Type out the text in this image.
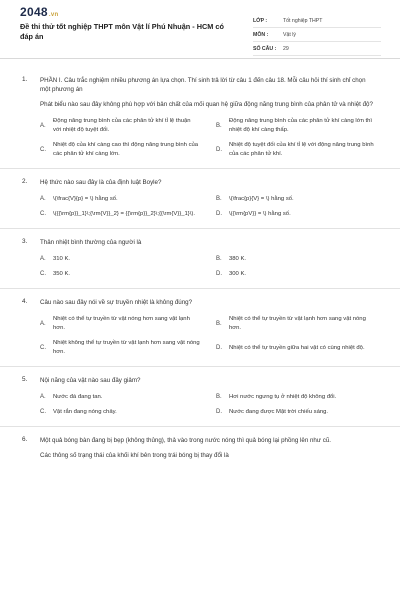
2048.vn
Đề thi thử tốt nghiệp THPT môn Vật lí Phú Nhuận - HCM có đáp án
LỚP :	Tốt nghiệp THPT
MÔN :	Vật lý
SỐ CÂU :	29
1. PHẦN I. Câu trắc nghiệm nhiều phương án lựa chọn. Thí sinh trả lời từ câu 1 đến câu 18. Mỗi câu hỏi thí sinh chỉ chọn một phương án

Phát biểu nào sau đây không phù hợp với bản chất của mối quan hệ giữa động năng trung bình của phân tử và nhiệt độ?

A.
Động năng trung bình của các phân tử khí tỉ lệ thuận với nhiệt độ tuyệt đối.
B.
Động năng trung bình của các phân tử khí càng lớn thì nhiệt độ khí càng thấp.
C.
Nhiệt độ của khí càng cao thì động năng trung bình của các phân tử khí càng lớn.
D.
Nhiệt độ tuyệt đối của khí tỉ lệ với động năng trung bình của các phân tử khí.
2. Hệ thức nào sau đây là của định luật Boyle?

A.	\(\frac{V}{p} = \) hằng số.	B.	\(\frac{p}{V} = \) hằng số.
C.	\({{\rm{p}}_1}\;{\rm{V}}_2} = {{\rm{p}}_2}\;{{\rm{V}}_1}\).	D.	\({\rm{pV}} = \) hằng số.
3. Thân nhiệt bình thường của người là

A.	310 K.	B.	380 K.
C.	350 K.	D.	300 K.
4. Câu nào sau đây nói về sự truyền nhiệt là không đúng?

A.
Nhiệt có thể tự truyền từ vật nóng hơn sang vật lạnh hơn.
B.
Nhiệt có thể tự truyền từ vật lạnh hơn sang vật nóng hơn.
C.
Nhiệt không thể tự truyền từ vật lạnh hơn sang vật nóng hơn.
D.	Nhiệt có thể tự truyền giữa hai vật có cùng nhiệt độ.
5. Nội năng của vật nào sau đây giảm?

A.	Nước đá đang tan.	B.	Hơi nước ngưng tụ ở nhiệt độ không đổi.
C.	Vật rắn đang nóng chảy.	D.	Nước đang được Mặt trời chiếu sáng.
6. Một quả bóng bàn đang bị bẹp (không thủng), thả vào trong nước nóng thì quả bóng lại phồng lên như cũ.

Các thông số trạng thái của khối khí bên trong trái bóng bị thay đổi là
